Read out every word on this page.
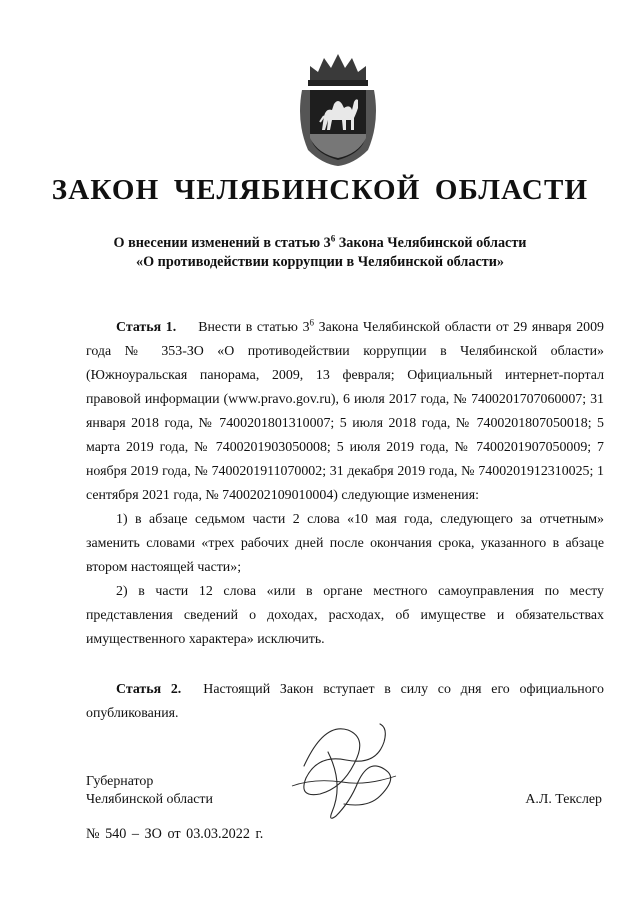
ЗАКОН ЧЕЛЯБИНСКОЙ ОБЛАСТИ
О внесении изменений в статью $3^6$ Закона Челябинской области
«О противодействии коррупции в Челябинской области»

Статья 1. Внести в статью $3^6$ Закона Челябинской области от 29 января 2009 года № 353-ЗО «О противодействии коррупции в Челябинской области» (Южноуральская панорама, 2009, 13 февраля; Официальный интернет-портал правовой информации (www.pravo.gov.ru), 6 июля 2017 года, № 7400201707060007; 31 января 2018 года, № 7400201801310007; 5 июля 2018 года, № 7400201807050018; 5 марта 2019 года, № 7400201903050008; 5 июля 2019 года, № 7400201907050009; 7 ноября 2019 года, № 7400201911070002; 31 декабря 2019 года, № 7400201912310025; 1 сентября 2021 года, № 7400202109010004) следующие изменения:

1) в абзаце седьмом части 2 слова «10 мая года, следующего за отчетным» заменить словами «трех рабочих дней после окончания срока, указанного в абзаце втором настоящей части»;

2) в части 12 слова «или в органе местного самоуправления по месту представления сведений о доходах, расходах, об имуществе и обязательствах имущественного характера» исключить.

Статья 2. Настоящий Закон вступает в силу со дня его официального опубликования.

Губернатор
Челябинской области	А.Л. Текслер
№ 540 – ЗО от 03.03.2022 г.
